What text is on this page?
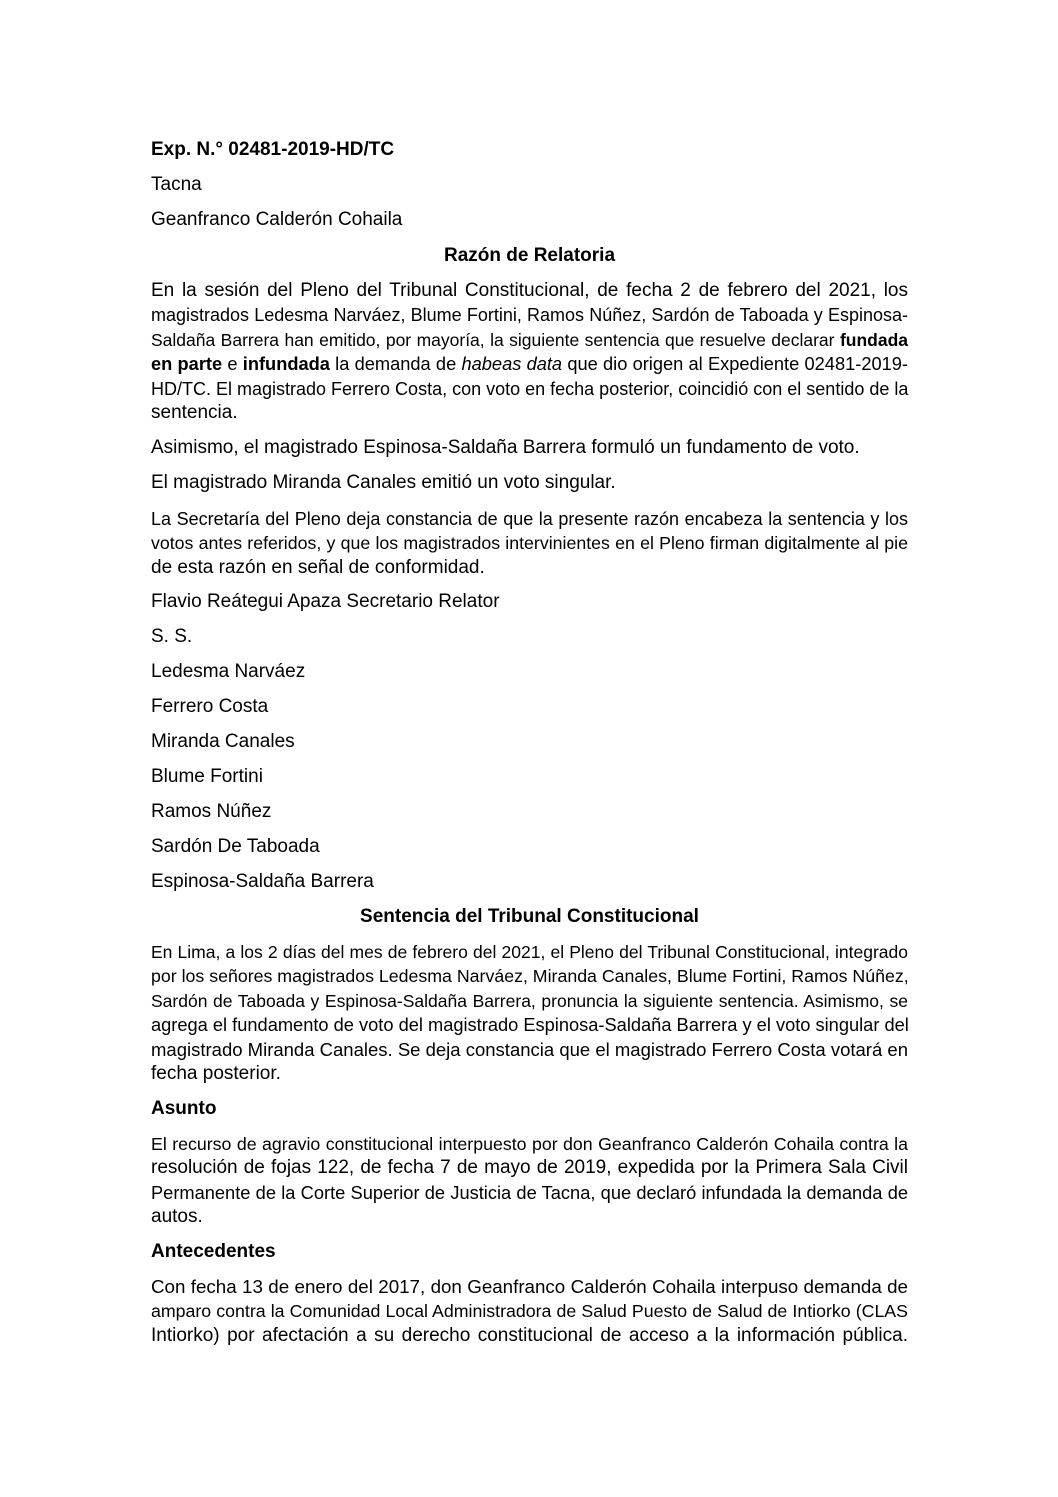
Exp. N.° 02481-2019-HD/TC
Tacna
Geanfranco Calderón Cohaila
Razón de Relatoria
En la sesión del Pleno del Tribunal Constitucional, de fecha 2 de febrero del 2021, los
magistrados Ledesma Narváez, Blume Fortini, Ramos Núñez, Sardón de Taboada y Espinosa-
Saldaña Barrera han emitido, por mayoría, la siguiente sentencia que resuelve declarar fundada
en parte e infundada la demanda de habeas data que dio origen al Expediente 02481-2019-
HD/TC. El magistrado Ferrero Costa, con voto en fecha posterior, coincidió con el sentido de la
sentencia.
Asimismo, el magistrado Espinosa-Saldaña Barrera formuló un fundamento de voto.
El magistrado Miranda Canales emitió un voto singular.
La Secretaría del Pleno deja constancia de que la presente razón encabeza la sentencia y los
votos antes referidos, y que los magistrados intervinientes en el Pleno firman digitalmente al pie
de esta razón en señal de conformidad.
Flavio Reátegui Apaza Secretario Relator
S. S.
Ledesma Narváez
Ferrero Costa
Miranda Canales
Blume Fortini
Ramos Núñez
Sardón De Taboada
Espinosa-Saldaña Barrera
Sentencia del Tribunal Constitucional
En Lima, a los 2 días del mes de febrero del 2021, el Pleno del Tribunal Constitucional, integrado
por los señores magistrados Ledesma Narváez, Miranda Canales, Blume Fortini, Ramos Núñez,
Sardón de Taboada y Espinosa-Saldaña Barrera, pronuncia la siguiente sentencia. Asimismo, se
agrega el fundamento de voto del magistrado Espinosa-Saldaña Barrera y el voto singular del
magistrado Miranda Canales. Se deja constancia que el magistrado Ferrero Costa votará en
fecha posterior.
Asunto
El recurso de agravio constitucional interpuesto por don Geanfranco Calderón Cohaila contra la
resolución de fojas 122, de fecha 7 de mayo de 2019, expedida por la Primera Sala Civil
Permanente de la Corte Superior de Justicia de Tacna, que declaró infundada la demanda de
autos.
Antecedentes
Con fecha 13 de enero del 2017, don Geanfranco Calderón Cohaila interpuso demanda de
amparo contra la Comunidad Local Administradora de Salud Puesto de Salud de Intiorko (CLAS
Intiorko) por afectación a su derecho constitucional de acceso a la información pública.
